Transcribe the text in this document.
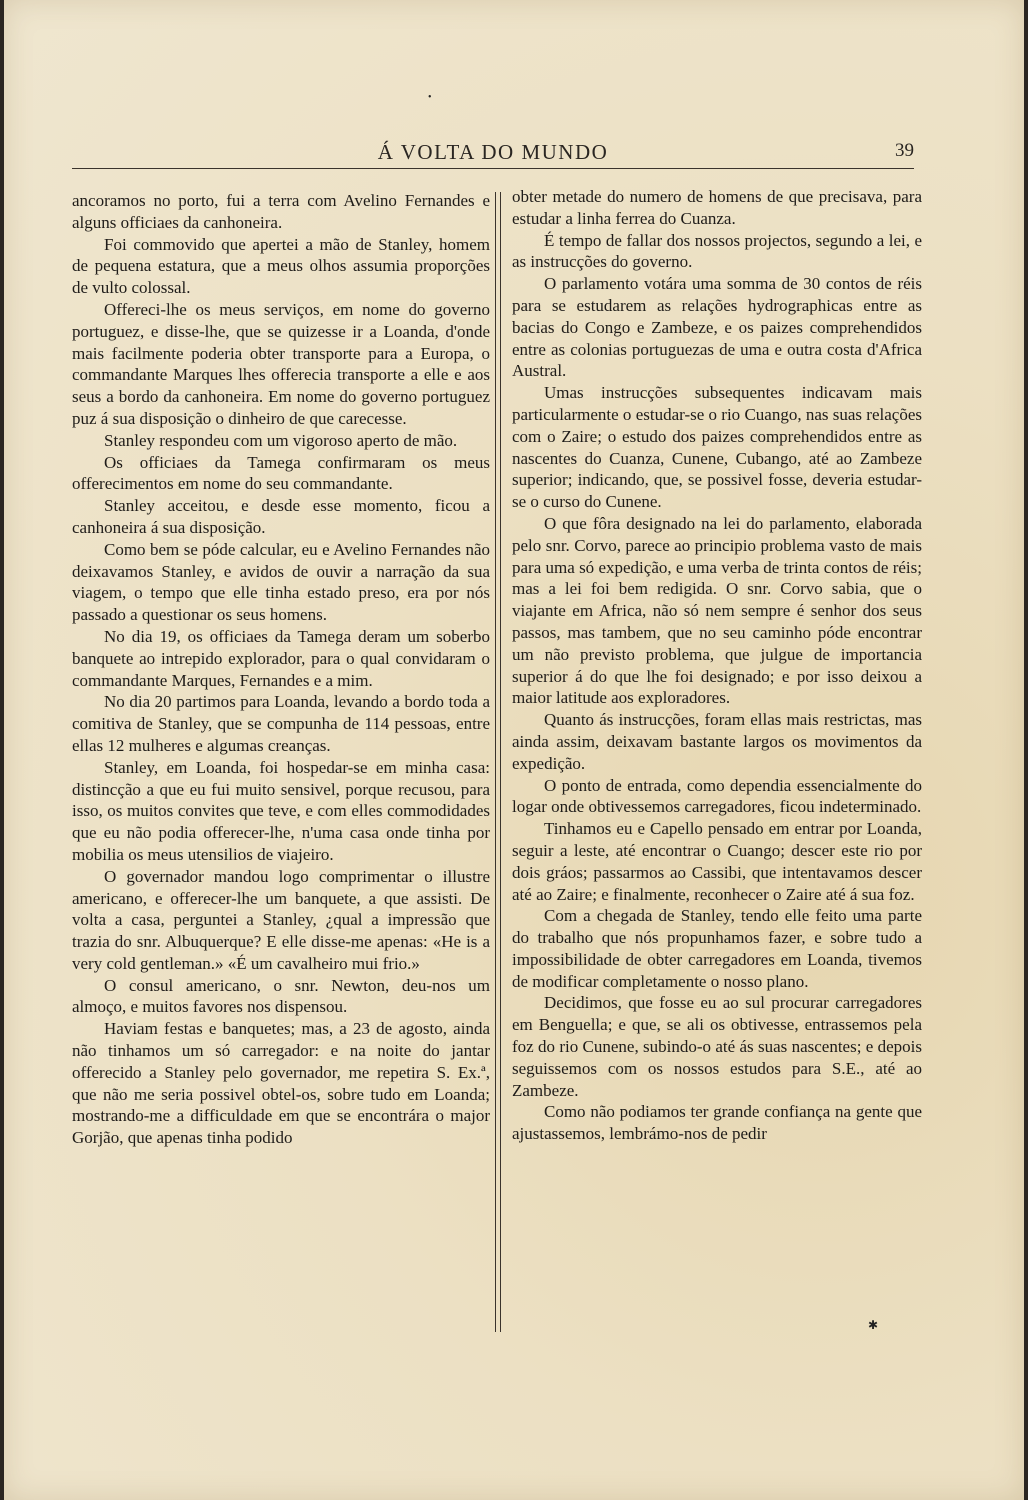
Á VOLTA DO MUNDO	39

ancoramos no porto, fui a terra com Avelino Fernandes e alguns officiaes da canhoneira.

Foi commovido que apertei a mão de Stanley, homem de pequena estatura, que a meus olhos assumia proporções de vulto colossal.

Offereci-lhe os meus serviços, em nome do governo portuguez, e disse-lhe, que se quizesse ir a Loanda, d'onde mais facilmente poderia obter transporte para a Europa, o commandante Marques lhes offerecia transporte a elle e aos seus a bordo da canhoneira. Em nome do governo portuguez puz á sua disposição o dinheiro de que carecesse.

Stanley respondeu com um vigoroso aperto de mão.

Os officiaes da Tamega confirmaram os meus offerecimentos em nome do seu commandante.

Stanley acceitou, e desde esse momento, ficou a canhoneira á sua disposição.

Como bem se póde calcular, eu e Avelino Fernandes não deixavamos Stanley, e avidos de ouvir a narração da sua viagem, o tempo que elle tinha estado preso, era por nós passado a questionar os seus homens.

No dia 19, os officiaes da Tamega deram um soberbo banquete ao intrepido explorador, para o qual convidaram o commandante Marques, Fernandes e a mim.

No dia 20 partimos para Loanda, levando a bordo toda a comitiva de Stanley, que se compunha de 114 pessoas, entre ellas 12 mulheres e algumas creanças.

Stanley, em Loanda, foi hospedar-se em minha casa: distincção a que eu fui muito sensivel, porque recusou, para isso, os muitos convites que teve, e com elles commodidades que eu não podia offerecer-lhe, n'uma casa onde tinha por mobilia os meus utensilios de viajeiro.

O governador mandou logo comprimentar o illustre americano, e offerecer-lhe um banquete, a que assisti. De volta a casa, perguntei a Stanley, ¿qual a impressão que trazia do snr. Albuquerque? E elle disse-me apenas: «He is a very cold gentleman.» «É um cavalheiro mui frio.»

O consul americano, o snr. Newton, deu-nos um almoço, e muitos favores nos dispensou.

Haviam festas e banquetes; mas, a 23 de agosto, ainda não tinhamos um só carregador: e na noite do jantar offerecido a Stanley pelo governador, me repetira S. Ex.ª, que não me seria possivel obtel-os, sobre tudo em Loanda; mostrando-me a difficuldade em que se encontrára o major Gorjão, que apenas tinha podido

obter metade do numero de homens de que precisava, para estudar a linha ferrea do Cuanza.

É tempo de fallar dos nossos projectos, segundo a lei, e as instrucções do governo.

O parlamento votára uma somma de 30 contos de réis para se estudarem as relações hydrographicas entre as bacias do Congo e Zambeze, e os paizes comprehendidos entre as colonias portuguezas de uma e outra costa d'Africa Austral.

Umas instrucções subsequentes indicavam mais particularmente o estudar-se o rio Cuango, nas suas relações com o Zaire; o estudo dos paizes comprehendidos entre as nascentes do Cuanza, Cunene, Cubango, até ao Zambeze superior; indicando, que, se possivel fosse, deveria estudar-se o curso do Cunene.

O que fôra designado na lei do parlamento, elaborada pelo snr. Corvo, parece ao principio problema vasto de mais para uma só expedição, e uma verba de trinta contos de réis; mas a lei foi bem redigida. O snr. Corvo sabia, que o viajante em Africa, não só nem sempre é senhor dos seus passos, mas tambem, que no seu caminho póde encontrar um não previsto problema, que julgue de importancia superior á do que lhe foi designado; e por isso deixou a maior latitude aos exploradores.

Quanto ás instrucções, foram ellas mais restrictas, mas ainda assim, deixavam bastante largos os movimentos da expedição.

O ponto de entrada, como dependia essencialmente do logar onde obtivessemos carregadores, ficou indeterminado.

Tinhamos eu e Capello pensado em entrar por Loanda, seguir a leste, até encontrar o Cuango; descer este rio por dois gráos; passarmos ao Cassibi, que intentavamos descer até ao Zaire; e finalmente, reconhecer o Zaire até á sua foz.

Com a chegada de Stanley, tendo elle feito uma parte do trabalho que nós propunhamos fazer, e sobre tudo a impossibilidade de obter carregadores em Loanda, tivemos de modificar completamente o nosso plano.

Decidimos, que fosse eu ao sul procurar carregadores em Benguella; e que, se ali os obtivesse, entrassemos pela foz do rio Cunene, subindo-o até ás suas nascentes; e depois seguissemos com os nossos estudos para S.E., até ao Zambeze.

Como não podiamos ter grande confiança na gente que ajustassemos, lembrámo-nos de pedir

•
✱
